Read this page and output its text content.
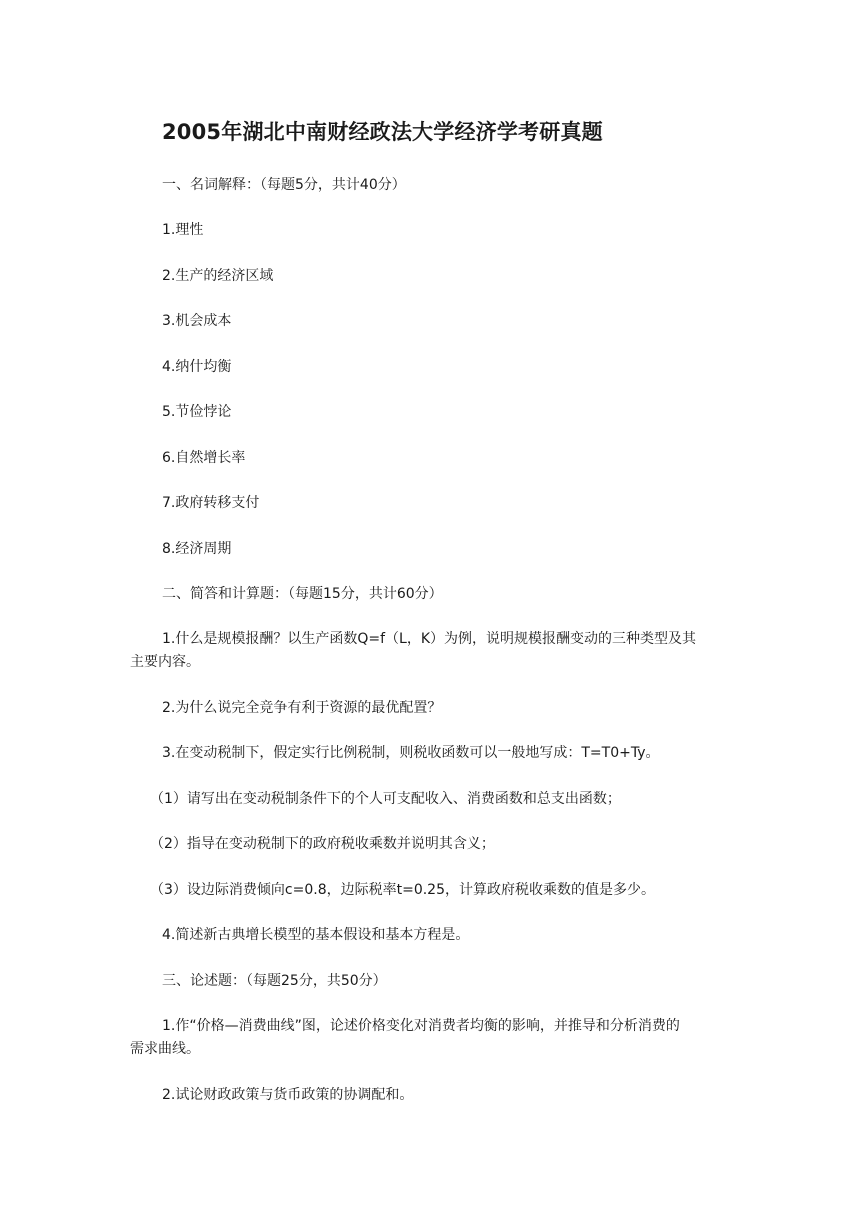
2005年湖北中南财经政法大学经济学考研真题
一、名词解释：（每题5分，共计40分）
1.理性
2.生产的经济区域
3.机会成本
4.纳什均衡
5.节俭悖论
6.自然增长率
7.政府转移支付
8.经济周期
二、简答和计算题：（每题15分，共计60分）
1.什么是规模报酬？以生产函数Q=f（L，K）为例，说明规模报酬变动的三种类型及其
主要内容。
2.为什么说完全竞争有利于资源的最优配置？
3.在变动税制下，假定实行比例税制，则税收函数可以一般地写成：T=T0+Ty。
（1）请写出在变动税制条件下的个人可支配收入、消费函数和总支出函数；
（2）指导在变动税制下的政府税收乘数并说明其含义；
（3）设边际消费倾向c=0.8，边际税率t=0.25，计算政府税收乘数的值是多少。
4.简述新古典增长模型的基本假设和基本方程是。
三、论述题：（每题25分，共50分）
1.作“价格—消费曲线”图，论述价格变化对消费者均衡的影响，并推导和分析消费的
需求曲线。
2.试论财政政策与货币政策的协调配和。
